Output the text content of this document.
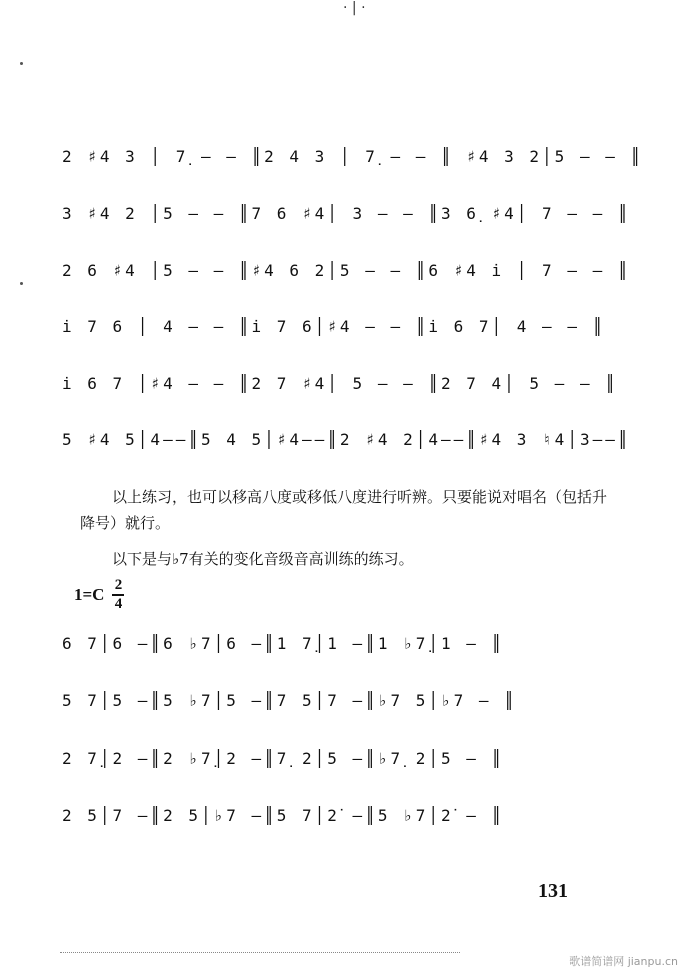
· | ·
2 ♯4 3 │ 7̣ — — ║2 4 3 │ 7̣ — — ║ ♯4 3 2│5 — — ║
3 ♯4 2 │5 — — ║7 6 ♯4│ 3 — — ║3 6̣ ♯4│ 7 — — ║
2 6 ♯4 │5 — — ║♯4 6 2│5 — — ║6 ♯4 i̇ │ 7 — — ║
i̇ 7 6 │ 4 — — ║i̇ 7 6│♯4 — — ║i̇ 6 7│ 4 — — ║
i̇ 6 7 │♯4 — — ║2 7 ♯4│ 5 — — ║2 7 4│ 5 — — ║
5 ♯4 5│4——║5 4 5│♯4——║2 ♯4 2│4——║♯4 3 ♮4│3——║
以上练习，也可以移高八度或移低八度进行听辨。只要能说对唱名（包括升降号）就行。
以下是与♭7有关的变化音级音高训练的练习。
1=C 2
4
6 7│6 —║6 ♭7│6 —║1 7̣│1 —║1 ♭7̣│1 — ║
5 7│5 —║5 ♭7│5 —║7 5│7 —║♭7 5│♭7 — ║
2 7̣│2 —║2 ♭7̣│2 —║7̣ 2│5 —║♭7̣ 2│5 — ║
2 5│7 —║2 5│♭7 —║5 7│2̇ —║5 ♭7│2̇ — ║
131
歌谱简谱网 jianpu.cn
